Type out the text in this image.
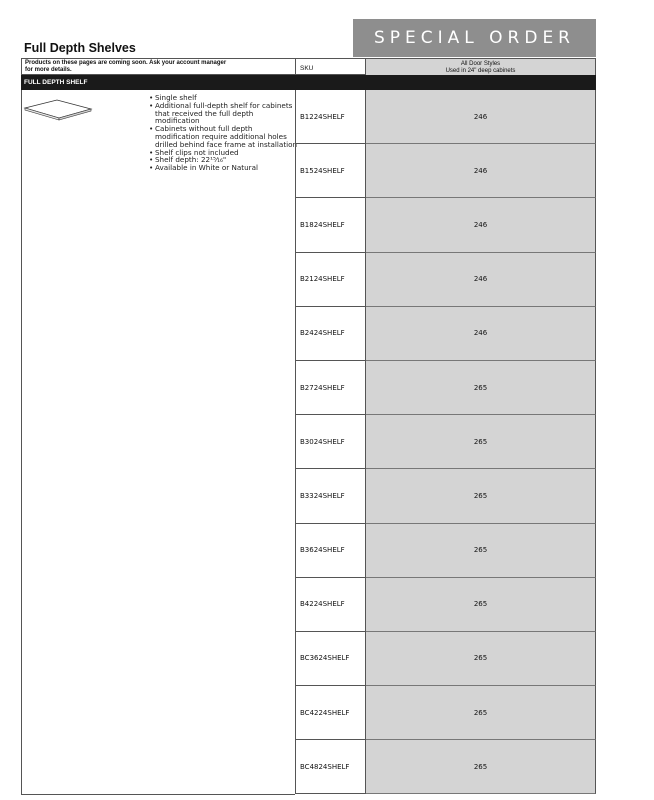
SPECIAL ORDER
Full Depth Shelves
Products on these pages are coming soon. Ask your account manager
for more details.	SKU
All Door Styles
Used in 24" deep cabinets
FULL DEPTH SHELF
• Single shelf
• Additional full-depth shelf for cabinets that received the full depth modification
• Cabinets without full depth modification require additional holes drilled behind face frame at installation
• Shelf clips not included
• Shelf depth: 22¹⁵⁄₁₆"
• Available in White or Natural
B1224SHELF	246
B1524SHELF	246
B1824SHELF	246
B2124SHELF	246
B2424SHELF	246
B2724SHELF	265
B3024SHELF	265
B3324SHELF	265
B3624SHELF	265
B4224SHELF	265
BC3624SHELF	265
BC4224SHELF	265
BC4824SHELF	265
